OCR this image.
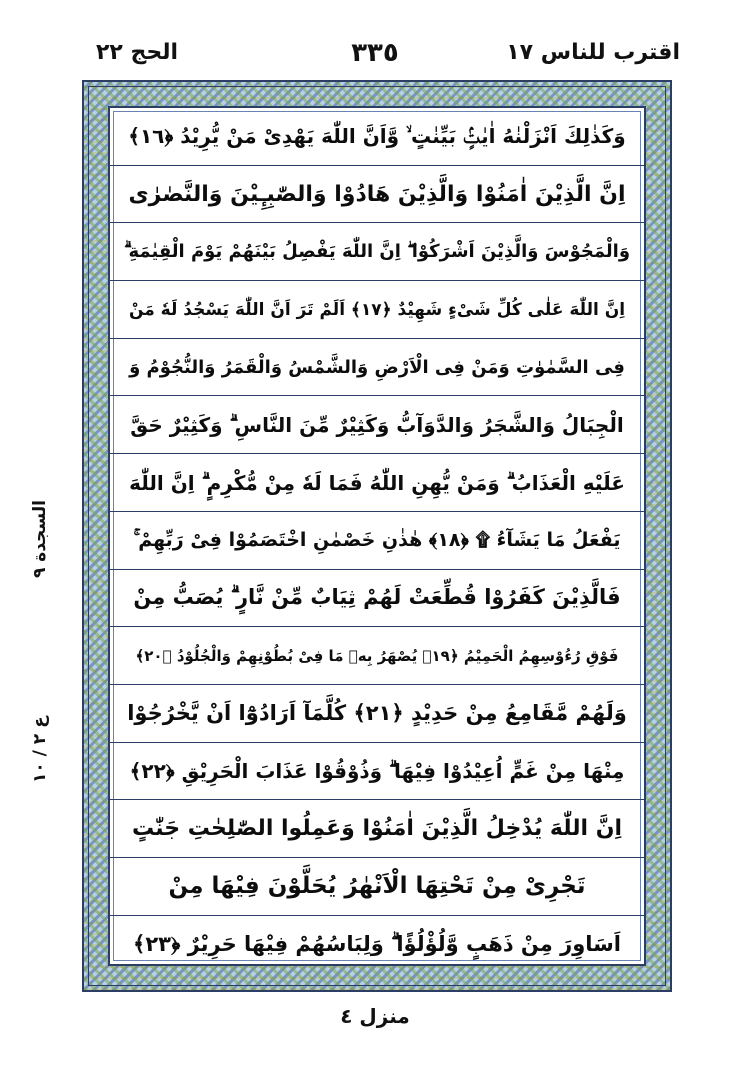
اقترب للناس ١٧
٣٣٥
الحج ٢٢
وَكَذٰلِكَ اَنْزَلْنٰهُ اٰيٰتٍۢ بَيِّنٰتٍ ۙ وَّاَنَّ اللّٰهَ يَهْدِىْ مَنْ يُّرِيْدُ ﴿١٦﴾
اِنَّ الَّذِيْنَ اٰمَنُوْا وَالَّذِيْنَ هَادُوْا وَالصّٰبِـِٕيْنَ وَالنَّصٰرٰى
وَالْمَجُوْسَ وَالَّذِيْنَ اَشْرَكُوْا ۖ اِنَّ اللّٰهَ يَفْصِلُ بَيْنَهُمْ يَوْمَ الْقِيٰمَةِ ۗ
اِنَّ اللّٰهَ عَلٰى كُلِّ شَىْءٍ شَهِيْدٌ ﴿١٧﴾ اَلَمْ تَرَ اَنَّ اللّٰهَ يَسْجُدُ لَهٗ مَنْ
فِى السَّمٰوٰتِ وَمَنْ فِى الْاَرْضِ وَالشَّمْسُ وَالْقَمَرُ وَالنُّجُوْمُ وَ
الْجِبَالُ وَالشَّجَرُ وَالدَّوَآبُّ وَكَثِيْرٌ مِّنَ النَّاسِ ۗ وَكَثِيْرٌ حَقَّ
عَلَيْهِ الْعَذَابُ ۗ وَمَنْ يُّهِنِ اللّٰهُ فَمَا لَهٗ مِنْ مُّكْرِمٍ ۗ اِنَّ اللّٰهَ
يَفْعَلُ مَا يَشَآءُ ۩ ﴿١٨﴾ هٰذٰنِ خَصْمٰنِ اخْتَصَمُوْا فِىْ رَبِّهِمْ ۚ
فَالَّذِيْنَ كَفَرُوْا قُطِّعَتْ لَهُمْ ثِيَابٌ مِّنْ نَّارٍ ۗ يُصَبُّ مِنْ
فَوْقِ رُءُوْسِهِمُ الْحَمِيْمُ ﴿١٩﴾ يُصْهَرُ بِهٖ مَا فِىْ بُطُوْنِهِمْ وَالْجُلُوْدُ ﴿٢٠﴾
وَلَهُمْ مَّقَامِعُ مِنْ حَدِيْدٍ ﴿٢١﴾ كُلَّمَآ اَرَادُوْٓا اَنْ يَّخْرُجُوْا
مِنْهَا مِنْ غَمٍّ اُعِيْدُوْا فِيْهَا ۗ وَذُوْقُوْا عَذَابَ الْحَرِيْقِ ﴿٢٢﴾
اِنَّ اللّٰهَ يُدْخِلُ الَّذِيْنَ اٰمَنُوْا وَعَمِلُوا الصّٰلِحٰتِ جَنّٰتٍ
تَجْرِىْ مِنْ تَحْتِهَا الْاَنْهٰرُ يُحَلَّوْنَ فِيْهَا مِنْ
اَسَاوِرَ مِنْ ذَهَبٍ وَّلُؤْلُؤًا ۗ وَلِبَاسُهُمْ فِيْهَا حَرِيْرٌ ﴿٢٣﴾
السجدة ٩
ع ٢ / ١٠
منزل ٤
